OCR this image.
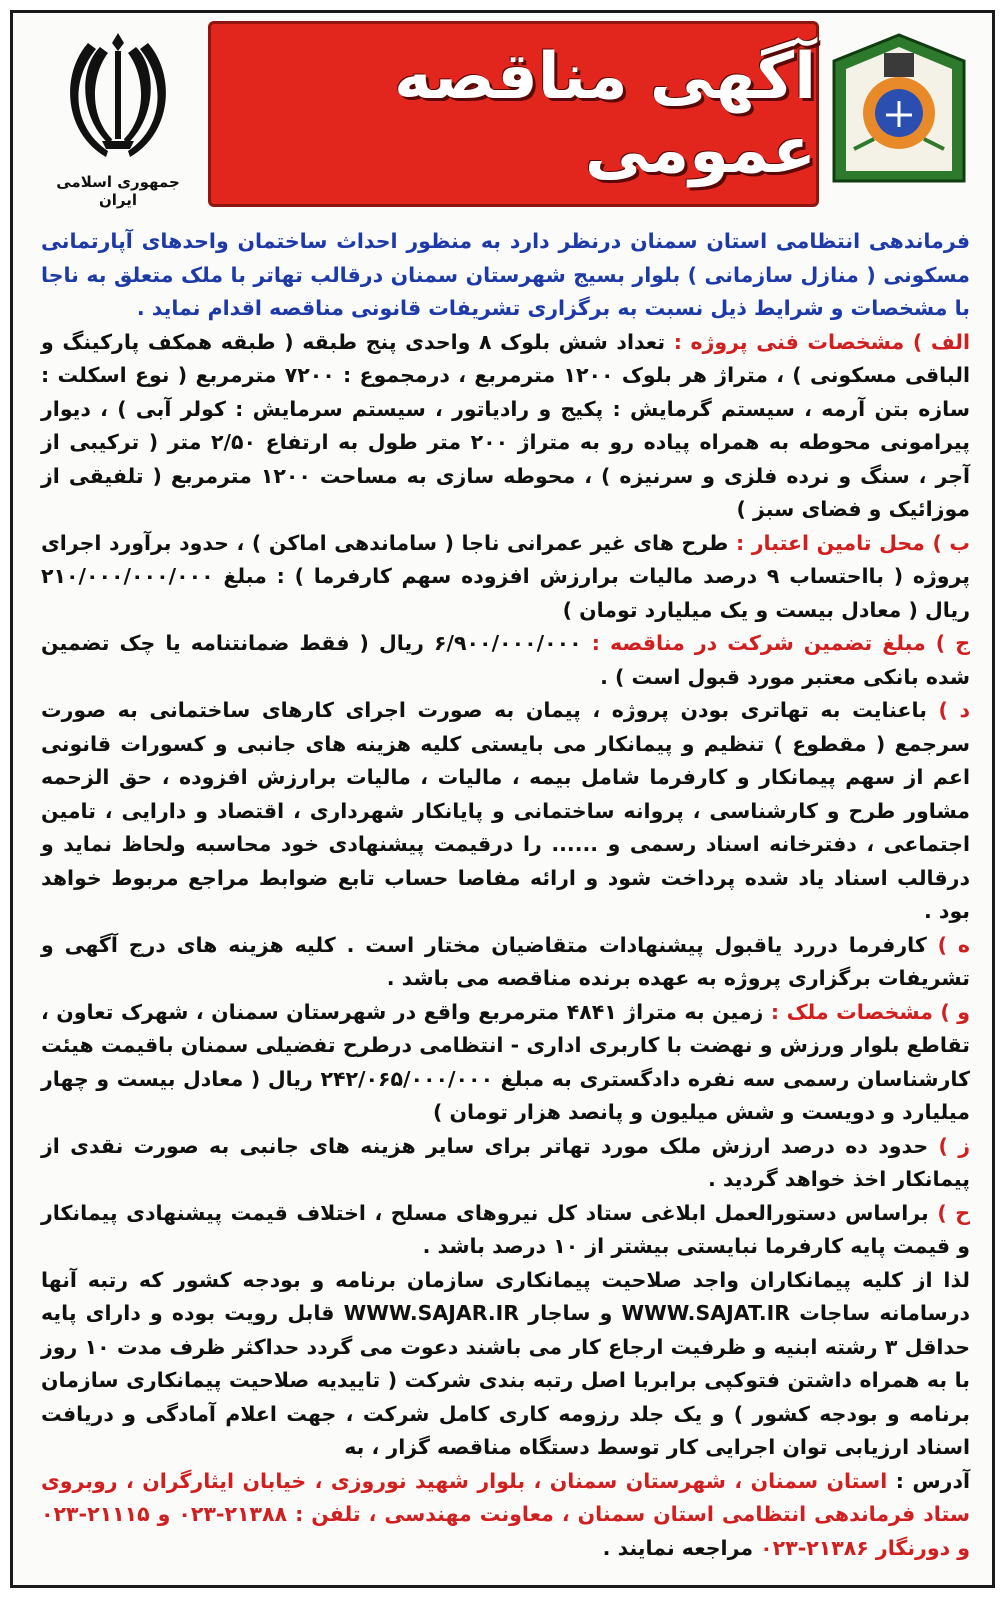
جمهوری اسلامی ایران
آگهی مناقصه عمومی

فرماندهی انتظامی استان سمنان درنظر دارد به منظور احداث ساختمان واحدهای آپارتمانی مسکونی ( منازل سازمانی ) بلوار بسیج شهرستان سمنان درقالب تهاتر با ملک متعلق به ناجا با مشخصات و شرایط ذیل نسبت به برگزاری تشریفات قانونی مناقصه اقدام نماید .

الف ) مشخصات فنی پروژه : تعداد شش بلوک ۸ واحدی پنج طبقه ( طبقه همکف پارکینگ و الباقی مسکونی ) ، متراژ هر بلوک ۱۲۰۰ مترمربع ، درمجموع : ۷۲۰۰ مترمربع ( نوع اسکلت : سازه بتن آرمه ، سیستم گرمایش : پکیج و رادیاتور ، سیستم سرمایش : کولر آبی ) ، دیوار پیرامونی محوطه به همراه پیاده رو به متراژ ۲۰۰ متر طول به ارتفاع ۲/۵۰ متر ( ترکیبی از آجر ، سنگ و نرده فلزی و سرنیزه ) ، محوطه سازی به مساحت ۱۲۰۰ مترمربع ( تلفیقی از موزائیک و فضای سبز )

ب ) محل تامین اعتبار : طرح های غیر عمرانی ناجا ( ساماندهی اماکن ) ، حدود برآورد اجرای پروژه ( بااحتساب ۹ درصد مالیات برارزش افزوده سهم کارفرما ) : مبلغ ۲۱۰/۰۰۰/۰۰۰/۰۰۰ ریال ( معادل بیست و یک میلیارد تومان )

ج ) مبلغ تضمین شرکت در مناقصه : ۶/۹۰۰/۰۰۰/۰۰۰ ریال ( فقط ضمانتنامه یا چک تضمین شده بانکی معتبر مورد قبول است ) .

د ) باعنایت به تهاتری بودن پروژه ، پیمان به صورت اجرای کارهای ساختمانی به صورت سرجمع ( مقطوع ) تنظیم و پیمانکار می بایستی کلیه هزینه های جانبی و کسورات قانونی اعم از سهم پیمانکار و کارفرما شامل بیمه ، مالیات ، مالیات برارزش افزوده ، حق الزحمه مشاور طرح و کارشناسی ، پروانه ساختمانی و پایانکار شهرداری ، اقتصاد و دارایی ، تامین اجتماعی ، دفترخانه اسناد رسمی و ...... را درقیمت پیشنهادی خود محاسبه ولحاظ نماید و درقالب اسناد یاد شده پرداخت شود و ارائه مفاصا حساب تابع ضوابط مراجع مربوط خواهد بود .

ه ) کارفرما دررد یاقبول پیشنهادات متقاضیان مختار است . کلیه هزینه های درج آگهی و تشریفات برگزاری پروژه به عهده برنده مناقصه می باشد .

و ) مشخصات ملک : زمین به متراژ ۴۸۴۱ مترمربع واقع در شهرستان سمنان ، شهرک تعاون ، تقاطع بلوار ورزش و نهضت با کاربری اداری - انتظامی درطرح تفضیلی سمنان باقیمت هیئت کارشناسان رسمی سه نفره دادگستری به مبلغ ۲۴۲/۰۶۵/۰۰۰/۰۰۰ ریال ( معادل بیست و چهار میلیارد و دویست و شش میلیون و پانصد هزار تومان )

ز ) حدود ده درصد ارزش ملک مورد تهاتر برای سایر هزینه های جانبی به صورت نقدی از پیمانکار اخذ خواهد گردید .

ح ) براساس دستورالعمل ابلاغی ستاد کل نیروهای مسلح ، اختلاف قیمت پیشنهادی پیمانکار و قیمت پایه کارفرما نبایستی بیشتر از ۱۰ درصد باشد .

لذا از کلیه پیمانکاران واجد صلاحیت پیمانکاری سازمان برنامه و بودجه کشور که رتبه آنها درسامانه ساجات WWW.SAJAT.IR و ساجار WWW.SAJAR.IR قابل رویت بوده و دارای پایه حداقل ۳ رشته ابنیه و ظرفیت ارجاع کار می باشند دعوت می گردد حداکثر ظرف مدت ۱۰ روز با به همراه داشتن فتوکپی برابربا اصل رتبه بندی شرکت ( تاییدیه صلاحیت پیمانکاری سازمان برنامه و بودجه کشور ) و یک جلد رزومه کاری کامل شرکت ، جهت اعلام آمادگی و دریافت اسناد ارزیابی توان اجرایی کار توسط دستگاه مناقصه گزار ، به

آدرس : استان سمنان ، شهرستان سمنان ، بلوار شهید نوروزی ، خیابان ایثارگران ، روبروی ستاد فرماندهی انتظامی استان سمنان ، معاونت مهندسی ، تلفن : ۲۱۳۸۸-۰۲۳ و ۲۱۱۱۵-۰۲۳ و دورنگار ۲۱۳۸۶-۰۲۳ مراجعه نمایند .
